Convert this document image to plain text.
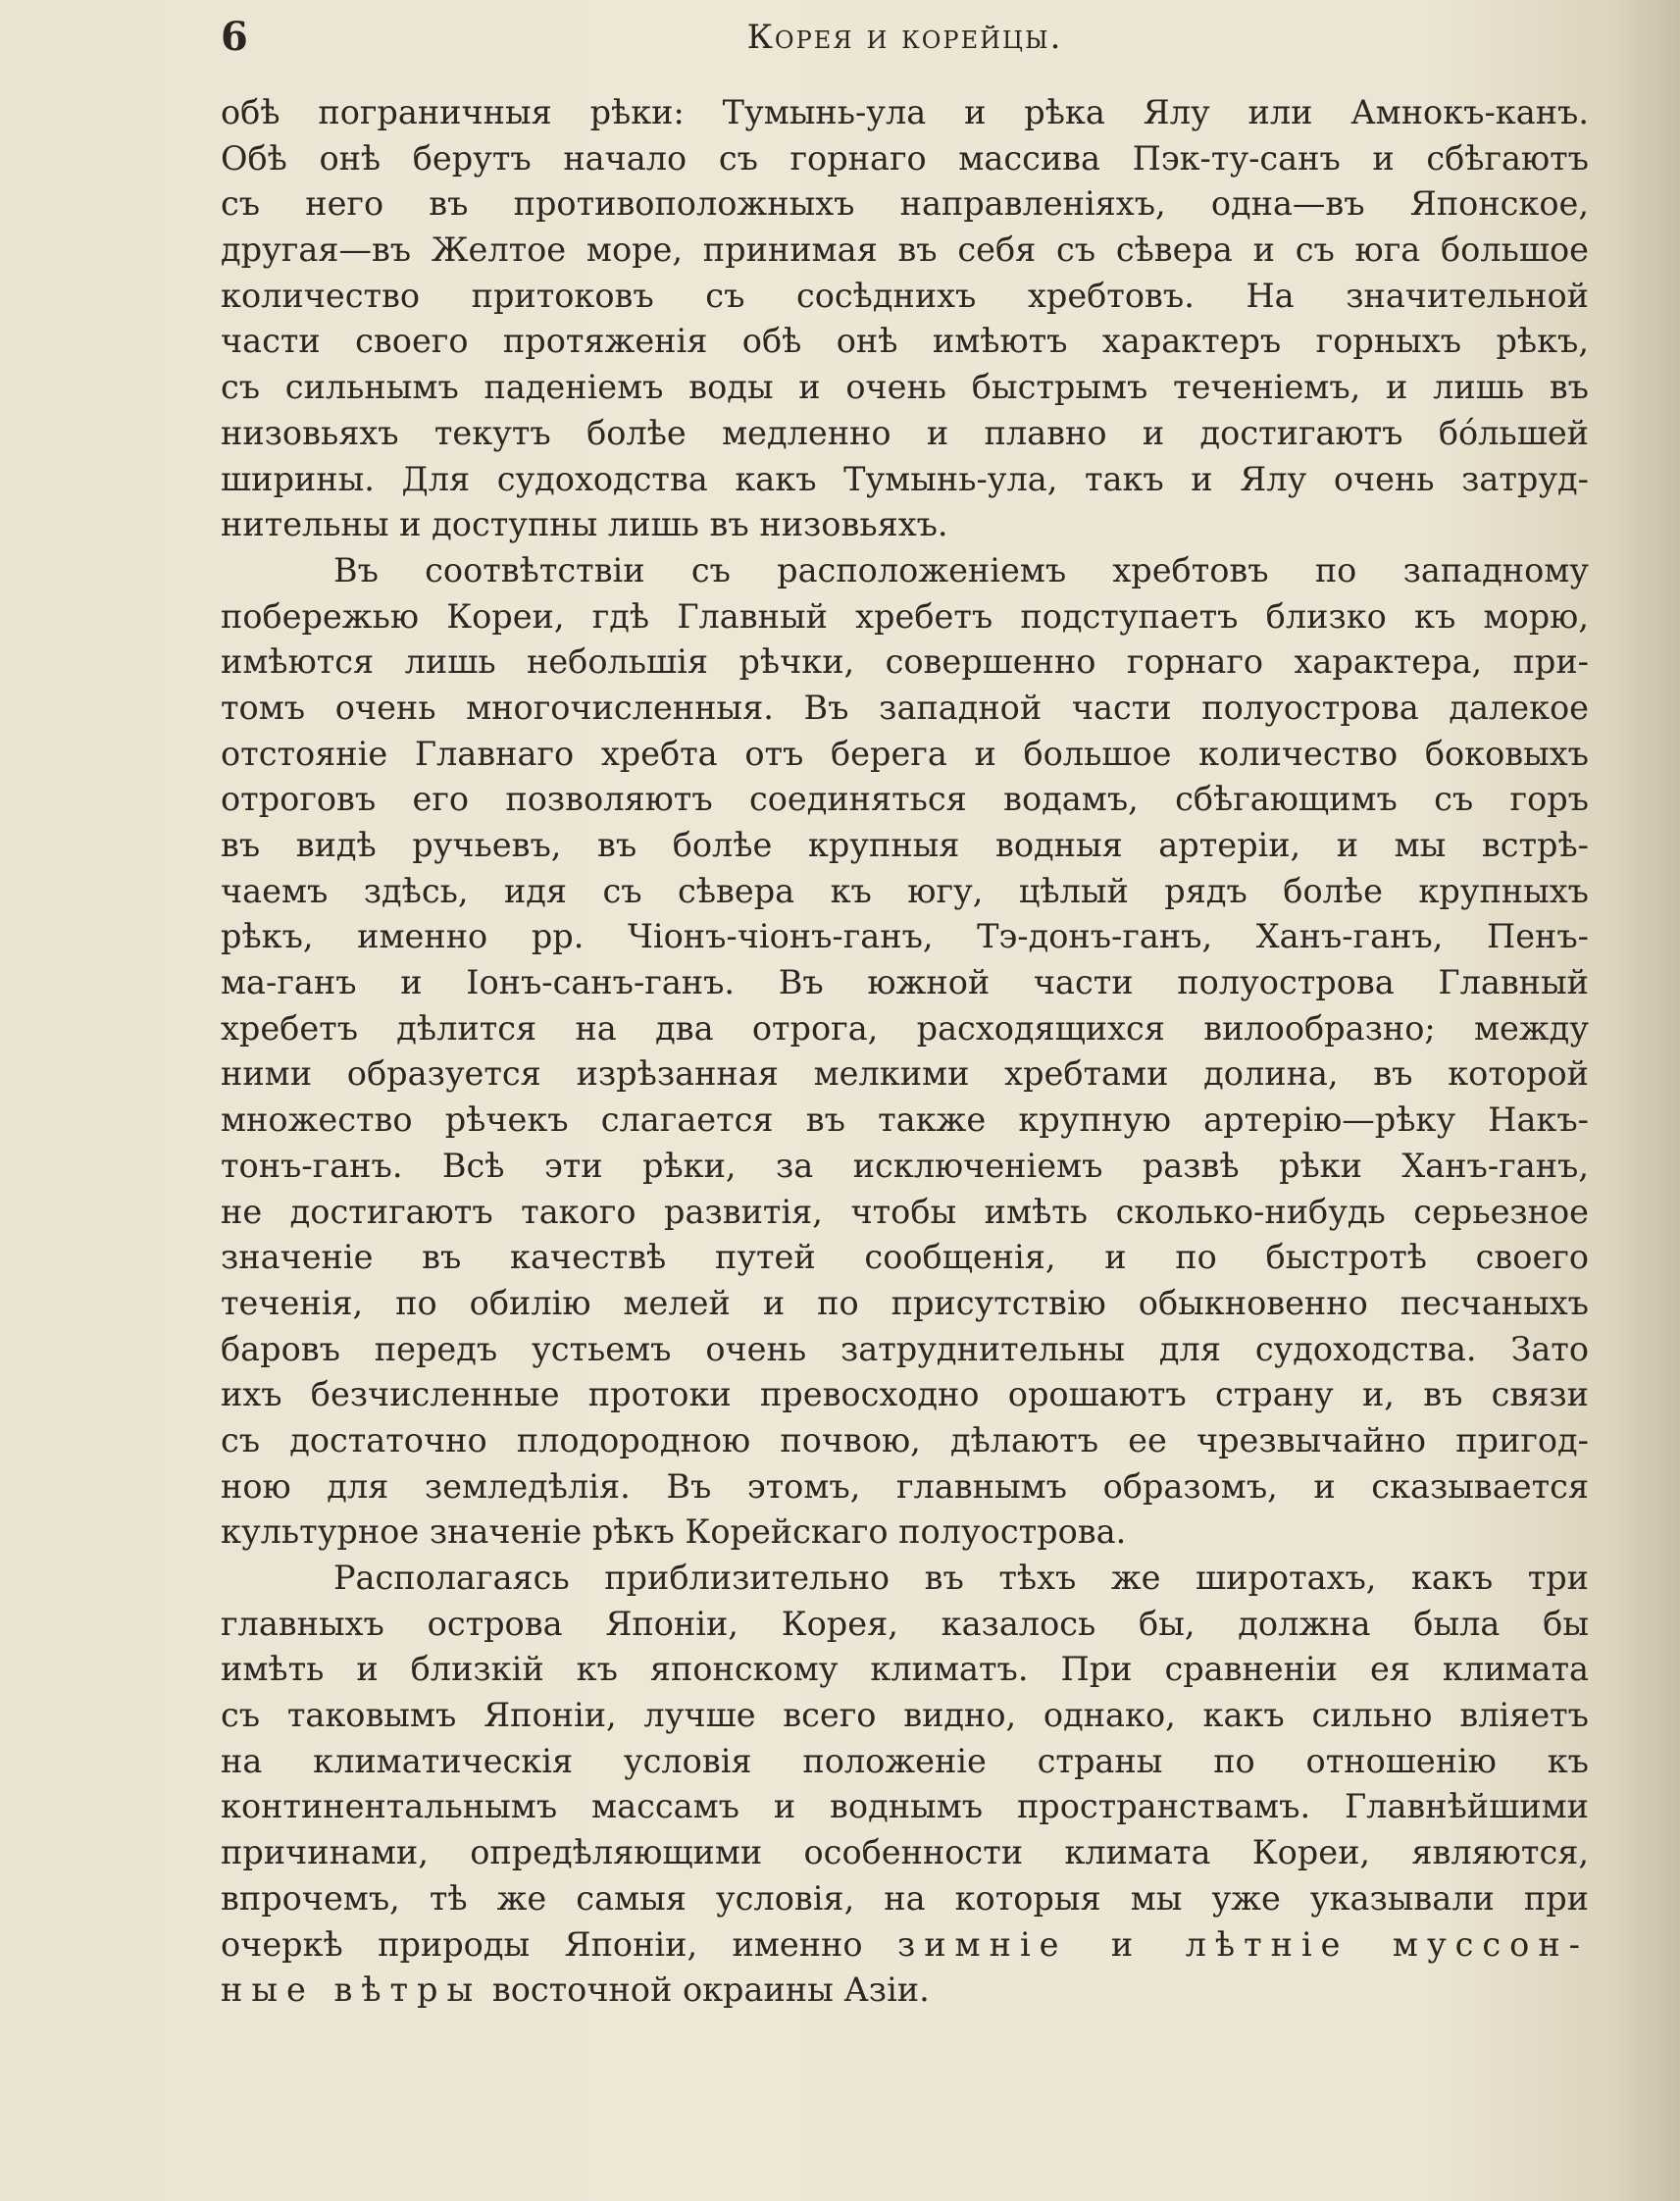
6	Корея и корейцы.
обѣ пограничныя рѣки: Тумынь-ула и рѣка Ялу или Амнокъ-канъ.
Обѣ онѣ берутъ начало съ горнаго массива Пэк-ту-санъ и сбѣгаютъ
съ него въ противоположныхъ направленіяхъ, одна—въ Японское,
другая—въ Желтое море, принимая въ себя съ сѣвера и съ юга большое
количество притоковъ съ сосѣднихъ хребтовъ. На значительной
части своего протяженія обѣ онѣ имѣютъ характеръ горныхъ рѣкъ,
съ сильнымъ паденіемъ воды и очень быстрымъ теченіемъ, и лишь въ
низовьяхъ текутъ болѣе медленно и плавно и достигаютъ бо́льшей
ширины. Для судоходства какъ Тумынь-ула, такъ и Ялу очень затруд-
нительны и доступны лишь въ низовьяхъ.
Въ соотвѣтствіи съ расположеніемъ хребтовъ по западному
побережью Кореи, гдѣ Главный хребетъ подступаетъ близко къ морю,
имѣются лишь небольшія рѣчки, совершенно горнаго характера, при-
томъ очень многочисленныя. Въ западной части полуострова далекое
отстояніе Главнаго хребта отъ берега и большое количество боковыхъ
отроговъ его позволяютъ соединяться водамъ, сбѣгающимъ съ горъ
въ видѣ ручьевъ, въ болѣе крупныя водныя артеріи, и мы встрѣ-
чаемъ здѣсь, идя съ сѣвера къ югу, цѣлый рядъ болѣе крупныхъ
рѣкъ, именно рр. Чіонъ-чіонъ-ганъ, Тэ-донъ-ганъ, Ханъ-ганъ, Пенъ-
ма-ганъ и Іонъ-санъ-ганъ. Въ южной части полуострова Главный
хребетъ дѣлится на два отрога, расходящихся вилообразно; между
ними образуется изрѣзанная мелкими хребтами долина, въ которой
множество рѣчекъ слагается въ также крупную артерію—рѣку Накъ-
тонъ-ганъ. Всѣ эти рѣки, за исключеніемъ развѣ рѣки Ханъ-ганъ,
не достигаютъ такого развитія, чтобы имѣть сколько-нибудь серьезное
значеніе въ качествѣ путей сообщенія, и по быстротѣ своего
теченія, по обилію мелей и по присутствію обыкновенно песчаныхъ
баровъ передъ устьемъ очень затруднительны для судоходства. Зато
ихъ безчисленные протоки превосходно орошаютъ страну и, въ связи
съ достаточно плодородною почвою, дѣлаютъ ее чрезвычайно пригод-
ною для земледѣлія. Въ этомъ, главнымъ образомъ, и сказывается
культурное значеніе рѣкъ Корейскаго полуострова.
Располагаясь приблизительно въ тѣхъ же широтахъ, какъ три
главныхъ острова Японіи, Корея, казалось бы, должна была бы
имѣть и близкій къ японскому климатъ. При сравненіи ея климата
съ таковымъ Японіи, лучше всего видно, однако, какъ сильно вліяетъ
на климатическія условія положеніе страны по отношенію къ
континентальнымъ массамъ и воднымъ пространствамъ. Главнѣйшими
причинами, опредѣляющими особенности климата Кореи, являются,
впрочемъ, тѣ же самыя условія, на которыя мы уже указывали при
очеркѣ природы Японіи, именно зимніе и лѣтніе муссон-
ные вѣтры восточной окраины Азіи.
